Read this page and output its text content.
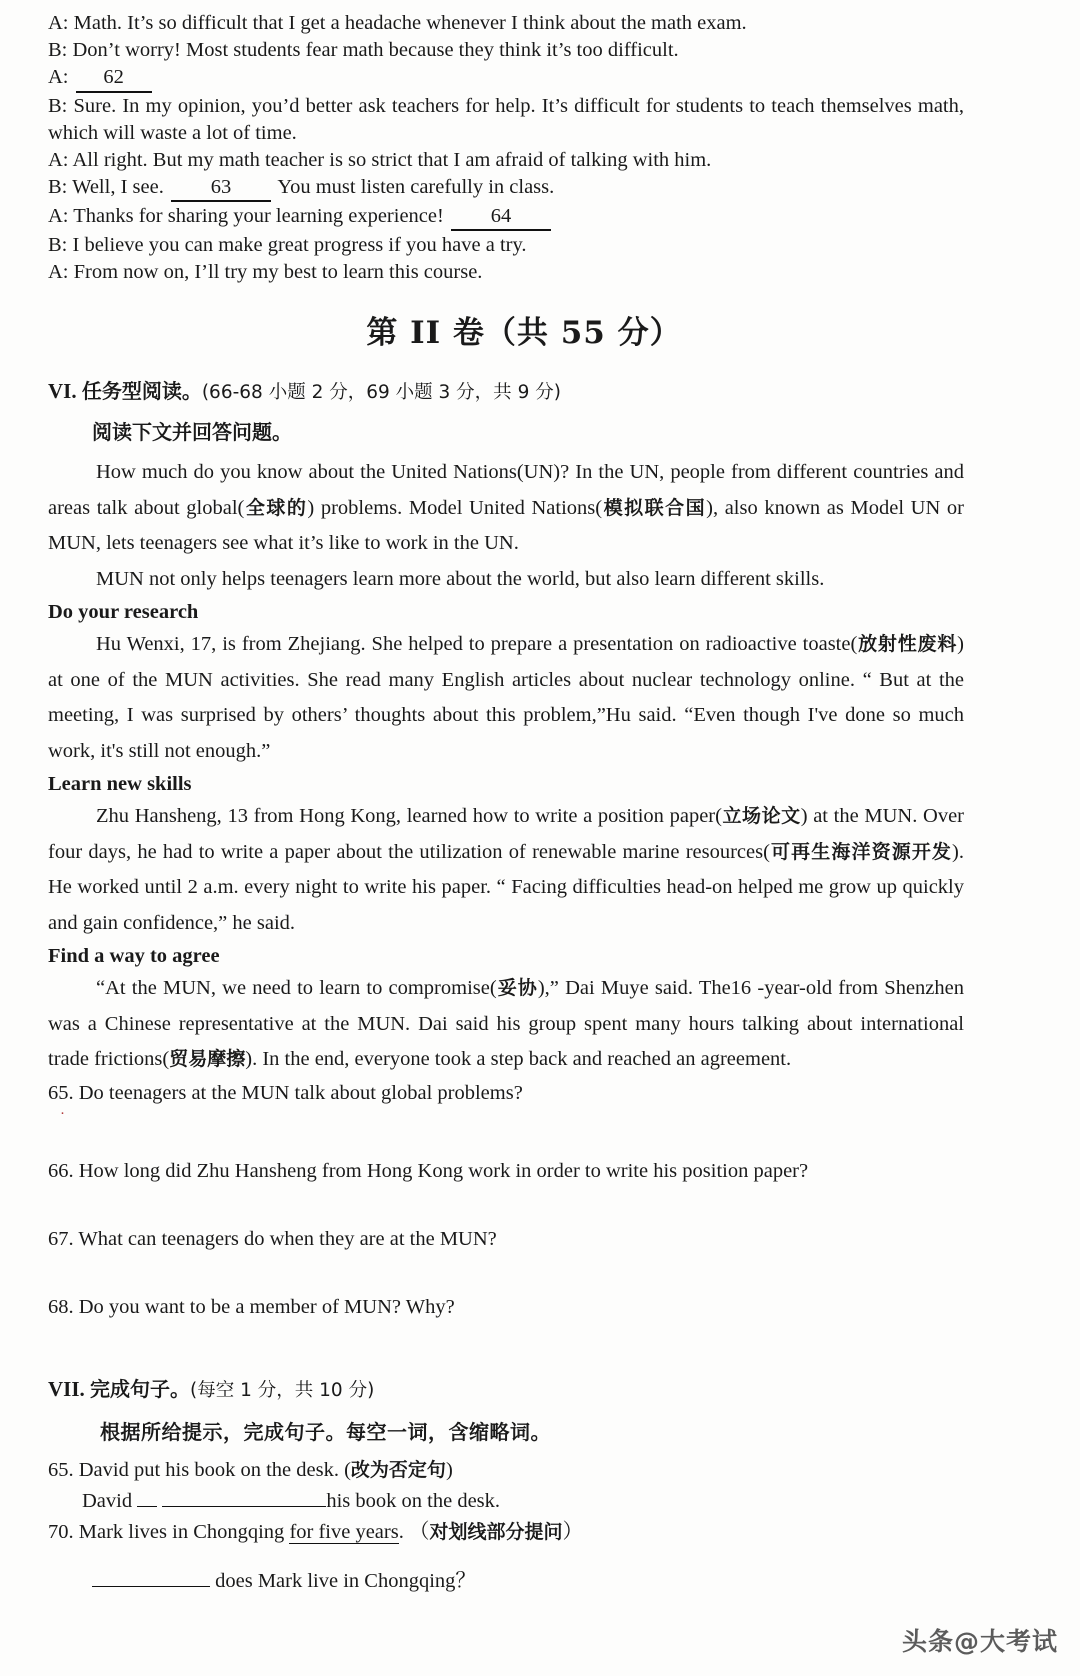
A: Math. It’s so difficult that I get a headache whenever I think about the math exam.

B: Don’t worry! Most students fear math because they think it’s too difficult.

A: 62

B: Sure. In my opinion, you’d better ask teachers for help. It’s difficult for students to teach themselves math, which will waste a lot of time.

A: All right. But my math teacher is so strict that I am afraid of talking with him.

B: Well, I see. 63 You must listen carefully in class.

A: Thanks for sharing your learning experience! 64

B: I believe you can make great progress if you have a try.

A: From now on, I’ll try my best to learn this course.

第 II 卷（共 55 分）
VI. 任务型阅读。(66-68 小题 2 分，69 小题 3 分，共 9 分)
阅读下文并回答问题。

How much do you know about the United Nations(UN)? In the UN, people from different countries and areas talk about global(全球的) problems. Model United Nations(模拟联合国), also known as Model UN or MUN, lets teenagers see what it’s like to work in the UN.

MUN not only helps teenagers learn more about the world, but also learn different skills.

Do your research

Hu Wenxi, 17, is from Zhejiang. She helped to prepare a presentation on radioactive toaste(放射性废料) at one of the MUN activities. She read many English articles about nuclear technology online. “ But at the meeting, I was surprised by others’ thoughts about this problem,”Hu said. “Even though I've done so much work, it's still not enough.”

Learn new skills

Zhu Hansheng, 13 from Hong Kong, learned how to write a position paper(立场论文) at the MUN. Over four days, he had to write a paper about the utilization of renewable marine resources(可再生海洋资源开发). He worked until 2 a.m. every night to write his paper. “ Facing difficulties head-on helped me grow up quickly and gain confidence,” he said.

Find a way to agree

“At the MUN, we need to learn to compromise(妥协),” Dai Muye said. The16 -year-old from Shenzhen was a Chinese representative at the MUN. Dai said his group spent many hours talking about international trade frictions(贸易摩擦). In the end, everyone took a step back and reached an agreement.

65. Do teenagers at the MUN talk about global problems?

·

66. How long did Zhu Hansheng from Hong Kong work in order to write his position paper?

67. What can teenagers do when they are at the MUN?

68. Do you want to be a member of MUN? Why?

VII. 完成句子。(每空 1 分，共 10 分)
根据所给提示，完成句子。每空一词，含缩略词。

65. David put his book on the desk. (改为否定句)

David	his book on the desk.

70. Mark lives in Chongqing for five years. （对划线部分提问）

does Mark live in Chongqing？

头条@大考试
